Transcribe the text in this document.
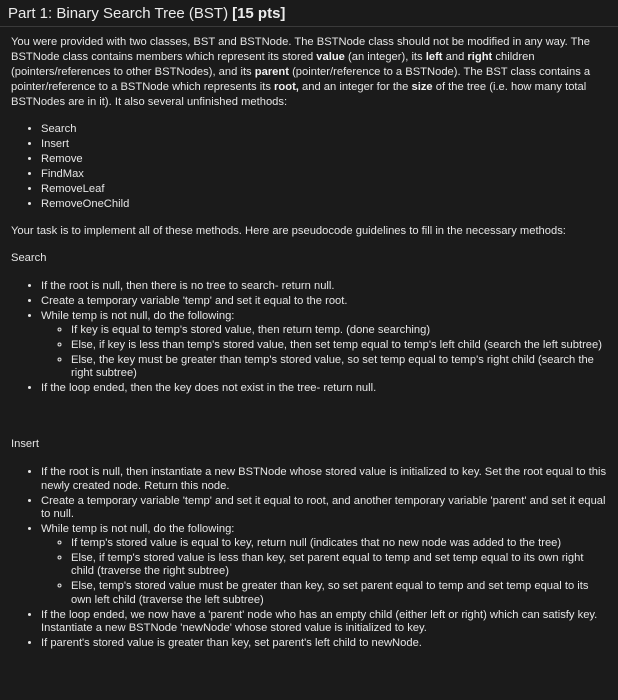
Part 1: Binary Search Tree (BST) [15 pts]

You were provided with two classes, BST and BSTNode. The BSTNode class should not be modified in any way. The BSTNode class contains members which represent its stored value (an integer), its left and right children (pointers/references to other BSTNodes), and its parent (pointer/reference to a BSTNode). The BST class contains a pointer/reference to a BSTNode which represents its root, and an integer for the size of the tree (i.e. how many total BSTNodes are in it). It also several unfinished methods:

• Search
• Insert
• Remove
• FindMax
• RemoveLeaf
• RemoveOneChild

Your task is to implement all of these methods. Here are pseudocode guidelines to fill in the necessary methods:

Search

• If the root is null, then there is no tree to search- return null.
• Create a temporary variable 'temp' and set it equal to the root.
• While temp is not null, do the following:
◦ If key is equal to temp's stored value, then return temp. (done searching)
◦ Else, if key is less than temp's stored value, then set temp equal to temp's left child (search the left subtree)
◦ Else, the key must be greater than temp's stored value, so set temp equal to temp's right child (search the right subtree)
• If the loop ended, then the key does not exist in the tree- return null.

Insert

• If the root is null, then instantiate a new BSTNode whose stored value is initialized to key. Set the root equal to this newly created node. Return this node.
• Create a temporary variable 'temp' and set it equal to root, and another temporary variable 'parent' and set it equal to null.
• While temp is not null, do the following:
◦ If temp's stored value is equal to key, return null (indicates that no new node was added to the tree)
◦ Else, if temp's stored value is less than key, set parent equal to temp and set temp equal to its own right child (traverse the right subtree)
◦ Else, temp's stored value must be greater than key, so set parent equal to temp and set temp equal to its own left child (traverse the left subtree)
• If the loop ended, we now have a 'parent' node who has an empty child (either left or right) which can satisfy key. Instantiate a new BSTNode 'newNode' whose stored value is initialized to key.
• If parent's stored value is greater than key, set parent's left child to newNode.
